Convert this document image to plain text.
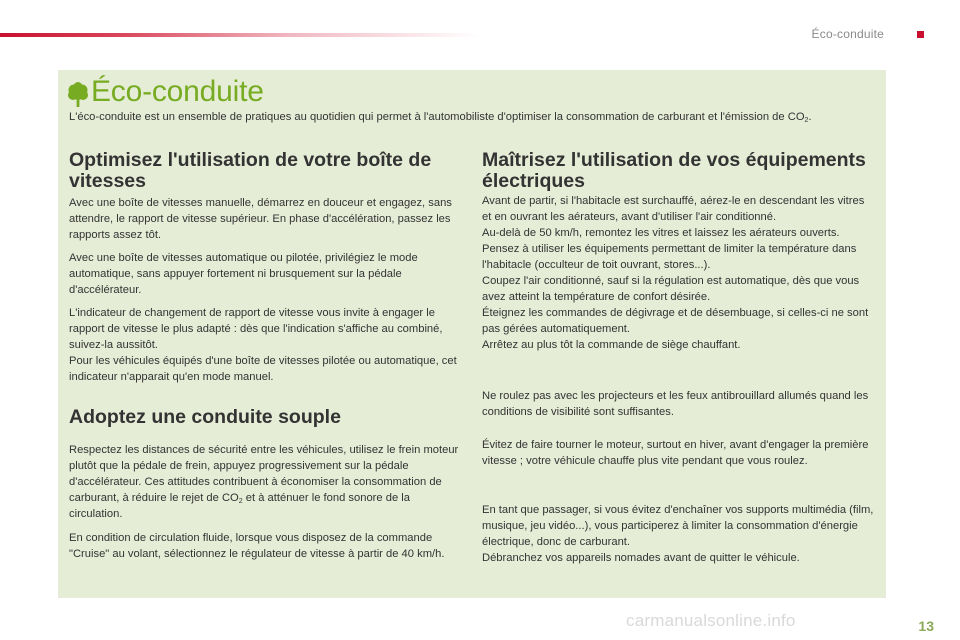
Éco-conduite
Éco-conduite
L'éco-conduite est un ensemble de pratiques au quotidien qui permet à l'automobiliste d'optimiser la consommation de carburant et l'émission de $CO_2$.
Optimisez l'utilisation de votre boîte de vitesses

Avec une boîte de vitesses manuelle, démarrez en douceur et engagez, sans attendre, le rapport de vitesse supérieur. En phase d'accélération, passez les rapports assez tôt.

Avec une boîte de vitesses automatique ou pilotée, privilégiez le mode automatique, sans appuyer fortement ni brusquement sur la pédale d'accélérateur.

L'indicateur de changement de rapport de vitesse vous invite à engager le rapport de vitesse le plus adapté : dès que l'indication s'affiche au combiné, suivez-la aussitôt.

Pour les véhicules équipés d'une boîte de vitesses pilotée ou automatique, cet indicateur n'apparait qu'en mode manuel.

Adoptez une conduite souple

Respectez les distances de sécurité entre les véhicules, utilisez le frein moteur plutôt que la pédale de frein, appuyez progressivement sur la pédale d'accélérateur. Ces attitudes contribuent à économiser la consommation de carburant, à réduire le rejet de $CO_2$ et à atténuer le fond sonore de la circulation.

En condition de circulation fluide, lorsque vous disposez de la commande "Cruise" au volant, sélectionnez le régulateur de vitesse à partir de 40 km/h.

Maîtrisez l'utilisation de vos équipements électriques

Avant de partir, si l'habitacle est surchauffé, aérez-le en descendant les vitres et en ouvrant les aérateurs, avant d'utiliser l'air conditionné.

Au-delà de 50 km/h, remontez les vitres et laissez les aérateurs ouverts.

Pensez à utiliser les équipements permettant de limiter la température dans l'habitacle (occulteur de toit ouvrant, stores...).

Coupez l'air conditionné, sauf si la régulation est automatique, dès que vous avez atteint la température de confort désirée.

Éteignez les commandes de dégivrage et de désembuage, si celles-ci ne sont pas gérées automatiquement.

Arrêtez au plus tôt la commande de siège chauffant.

Ne roulez pas avec les projecteurs et les feux antibrouillard allumés quand les conditions de visibilité sont suffisantes.

Évitez de faire tourner le moteur, surtout en hiver, avant d'engager la première vitesse ; votre véhicule chauffe plus vite pendant que vous roulez.

En tant que passager, si vous évitez d'enchaîner vos supports multimédia (film, musique, jeu vidéo...), vous participerez à limiter la consommation d'énergie électrique, donc de carburant.

Débranchez vos appareils nomades avant de quitter le véhicule.

carmanualsonline.info	13
